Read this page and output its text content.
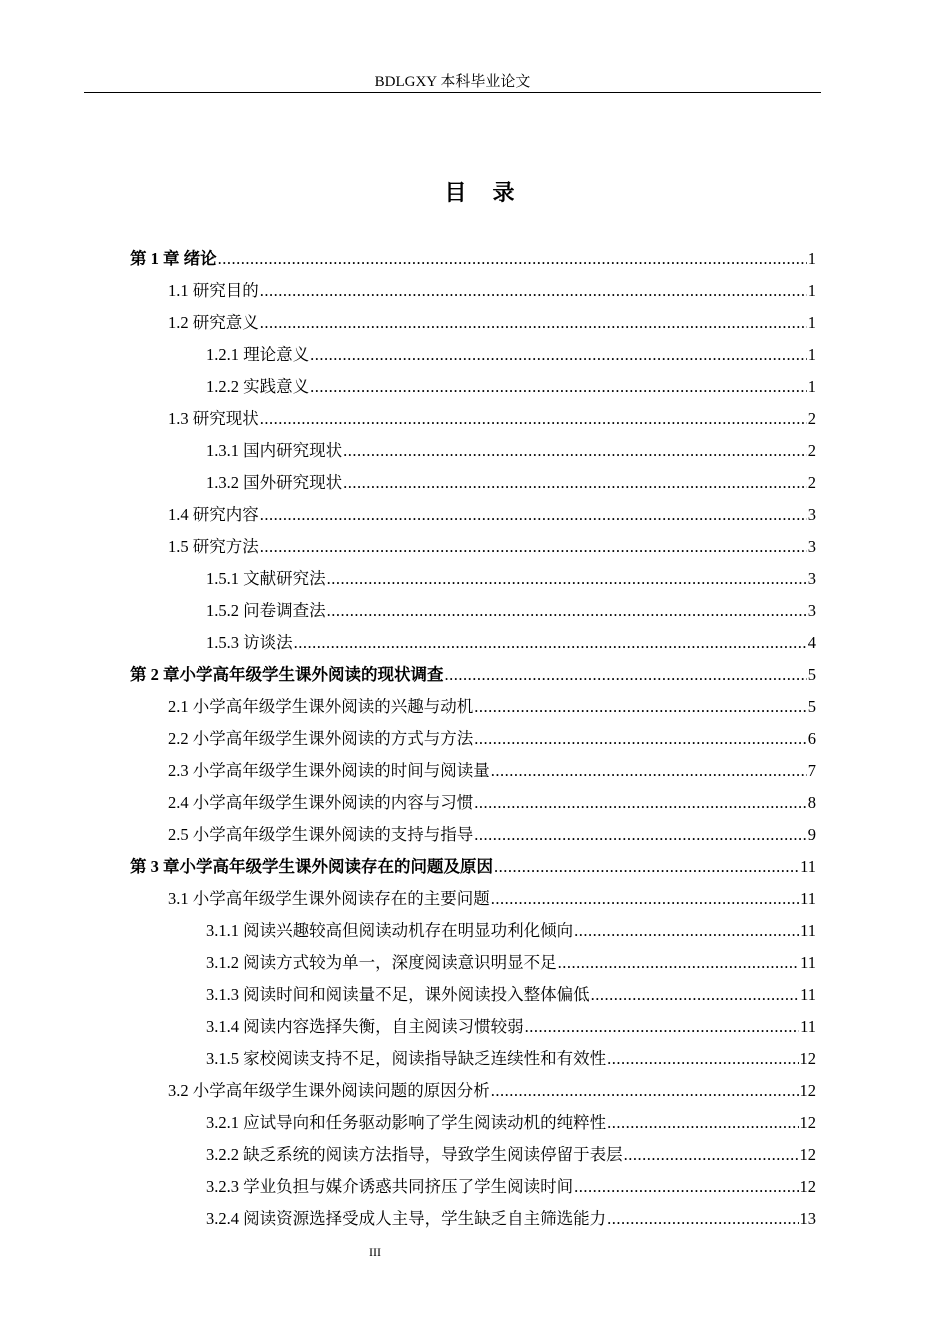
BDLGXY 本科毕业论文
目录
第 1 章 绪论 .....	1
1.1 研究目的 .....	1
1.2 研究意义 .....	1
1.2.1 理论意义 .....	1
1.2.2 实践意义 .....	1
1.3 研究现状 .....	2
1.3.1 国内研究现状 .....	2
1.3.2 国外研究现状 .....	2
1.4 研究内容 .....	3
1.5 研究方法 .....	3
1.5.1 文献研究法 .....	3
1.5.2 问卷调查法 .....	3
1.5.3 访谈法 .....	4
第 2 章小学高年级学生课外阅读的现状调查 .....	5
2.1 小学高年级学生课外阅读的兴趣与动机 .....	5
2.2 小学高年级学生课外阅读的方式与方法 .....	6
2.3 小学高年级学生课外阅读的时间与阅读量 .....	7
2.4 小学高年级学生课外阅读的内容与习惯 .....	8
2.5 小学高年级学生课外阅读的支持与指导 .....	9
第 3 章小学高年级学生课外阅读存在的问题及原因 .....	11
3.1 小学高年级学生课外阅读存在的主要问题 .....	11
3.1.1 阅读兴趣较高但阅读动机存在明显功利化倾向 .....	11
3.1.2 阅读方式较为单一，深度阅读意识明显不足 .....	11
3.1.3 阅读时间和阅读量不足，课外阅读投入整体偏低 .....	11
3.1.4 阅读内容选择失衡，自主阅读习惯较弱 .....	11
3.1.5 家校阅读支持不足，阅读指导缺乏连续性和有效性 .....	12
3.2 小学高年级学生课外阅读问题的原因分析 .....	12
3.2.1 应试导向和任务驱动影响了学生阅读动机的纯粹性 .....	12
3.2.2 缺乏系统的阅读方法指导，导致学生阅读停留于表层 .....	12
3.2.3 学业负担与媒介诱惑共同挤压了学生阅读时间 .....	12
3.2.4 阅读资源选择受成人主导，学生缺乏自主筛选能力 .....	13
III
